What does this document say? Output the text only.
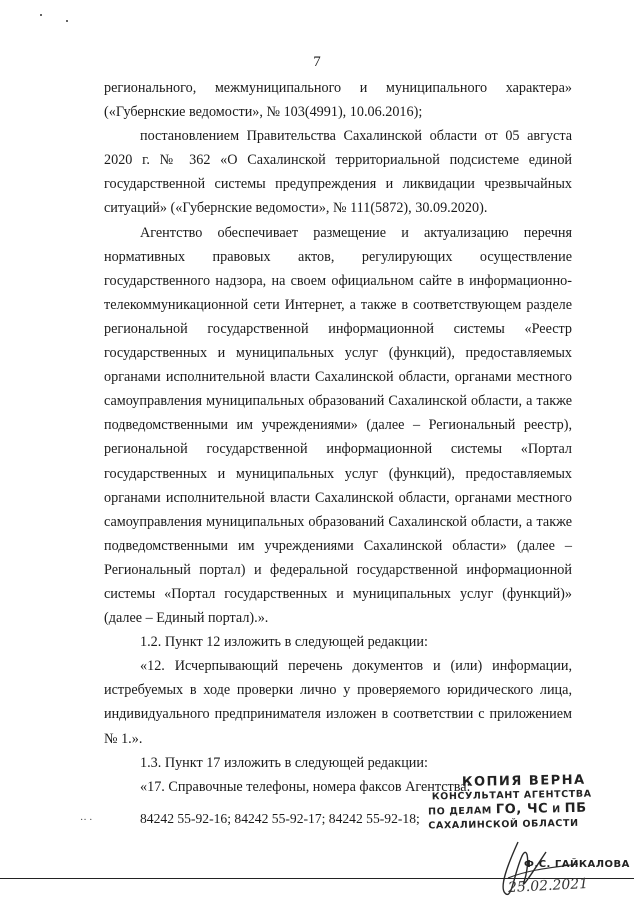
7

регионального, межмуниципального и муниципального характера» («Губернские ведомости», № 103(4991), 10.06.2016);

постановлением Правительства Сахалинской области от 05 августа 2020 г. № 362 «О Сахалинской территориальной подсистеме единой государственной системы предупреждения и ликвидации чрезвычайных ситуаций» («Губернские ведомости», № 111(5872), 30.09.2020).

Агентство обеспечивает размещение и актуализацию перечня нормативных правовых актов, регулирующих осуществление государственного надзора, на своем официальном сайте в информационно-телекоммуникационной сети Интернет, а также в соответствующем разделе региональной государственной информационной системы «Реестр государственных и муниципальных услуг (функций), предоставляемых органами исполнительной власти Сахалинской области, органами местного самоуправления муниципальных образований Сахалинской области, а также подведомственными им учреждениями» (далее – Региональный реестр), региональной государственной информационной системы «Портал государственных и муниципальных услуг (функций), предоставляемых органами исполнительной власти Сахалинской области, органами местного самоуправления муниципальных образований Сахалинской области, а также подведомственными им учреждениями Сахалинской области» (далее – Региональный портал) и федеральной государственной информационной системы «Портал государственных и муниципальных услуг (функций)» (далее – Единый портал).».

1.2. Пункт 12 изложить в следующей редакции:

«12. Исчерпывающий перечень документов и (или) информации, истребуемых в ходе проверки лично у проверяемого юридического лица, индивидуального предпринимателя изложен в соответствии с приложением № 1.».

1.3. Пункт 17 изложить в следующей редакции:

«17. Справочные телефоны, номера факсов Агентства:

·· ·	84242 55-92-16; 84242 55-92-17; 84242 55-92-18;
КОПИЯ ВЕРНА
КОНСУЛЬТАНТ АГЕНТСТВА
ПО ДЕЛАМ ГО, ЧС И ПБ
САХАЛИНСКОЙ ОБЛАСТИ
Ф.С. ГАЙКАЛОВА
25.02.2021
